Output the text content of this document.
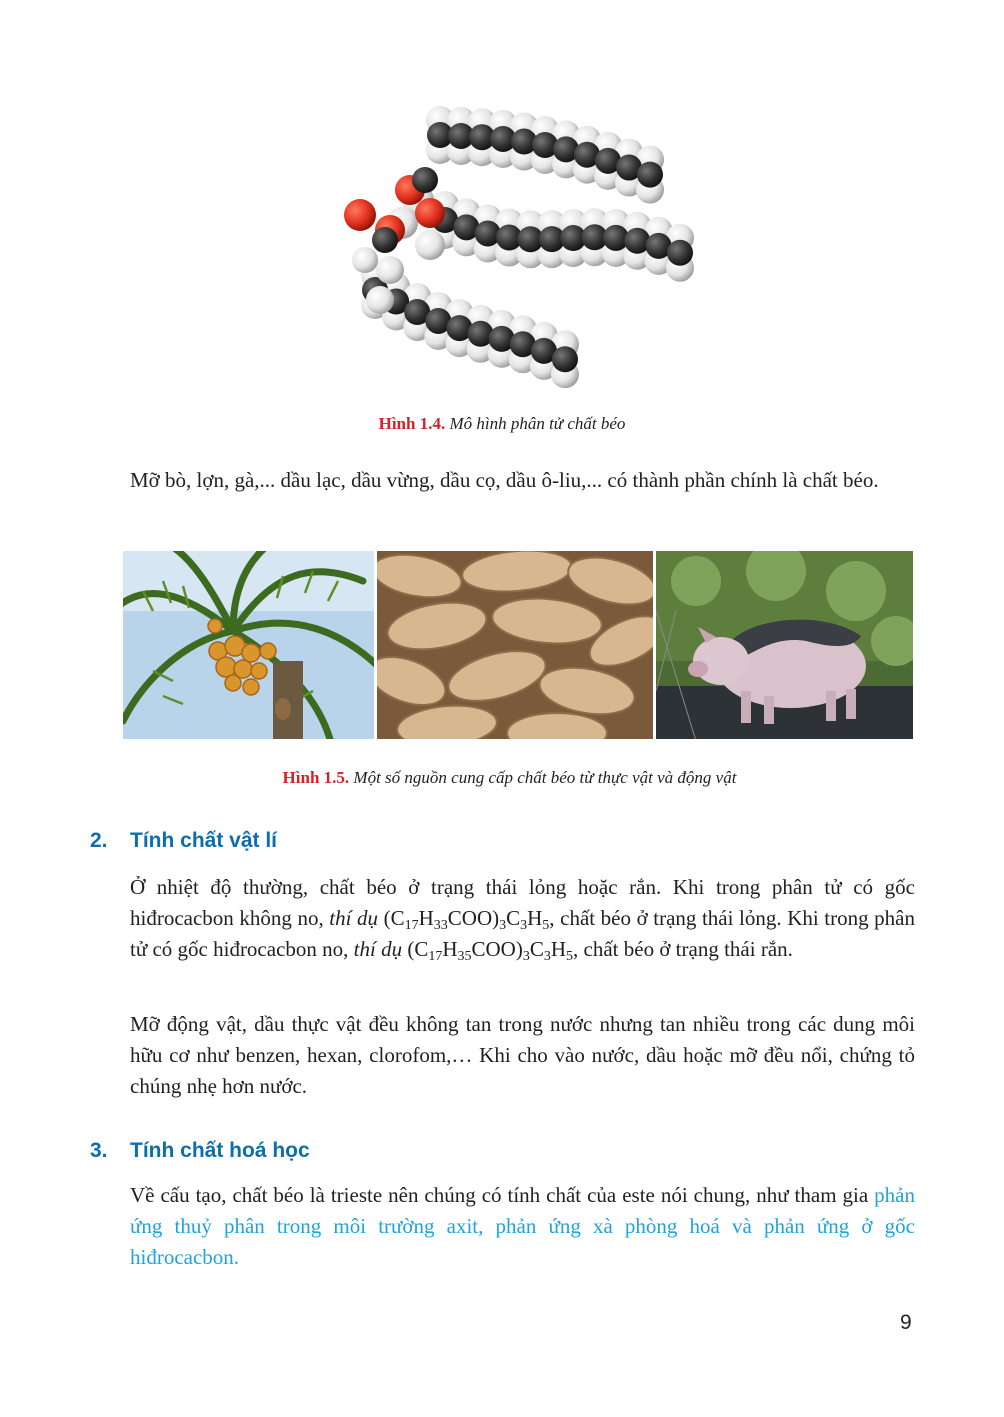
Hình 1.4. Mô hình phân tử chất béo
Mỡ bò, lợn, gà,... dầu lạc, dầu vừng, dầu cọ, dầu ô-liu,... có thành phần chính là chất béo.
Hình 1.5. Một số nguồn cung cấp chất béo từ thực vật và động vật
2. Tính chất vật lí
Ở nhiệt độ thường, chất béo ở trạng thái lỏng hoặc rắn. Khi trong phân tử có gốc hiđrocacbon không no, thí dụ $(C_{17}H_{33}COO)_3C_3H_5$, chất béo ở trạng thái lỏng. Khi trong phân tử có gốc hiđrocacbon no, thí dụ $(C_{17}H_{35}COO)_3C_3H_5$, chất béo ở trạng thái rắn.
Mỡ động vật, dầu thực vật đều không tan trong nước nhưng tan nhiều trong các dung môi hữu cơ như benzen, hexan, clorofom,… Khi cho vào nước, dầu hoặc mỡ đều nổi, chứng tỏ chúng nhẹ hơn nước.
3. Tính chất hoá học
Về cấu tạo, chất béo là trieste nên chúng có tính chất của este nói chung, như tham gia phản ứng thuỷ phân trong môi trường axit, phản ứng xà phòng hoá và phản ứng ở gốc hiđrocacbon.
9
